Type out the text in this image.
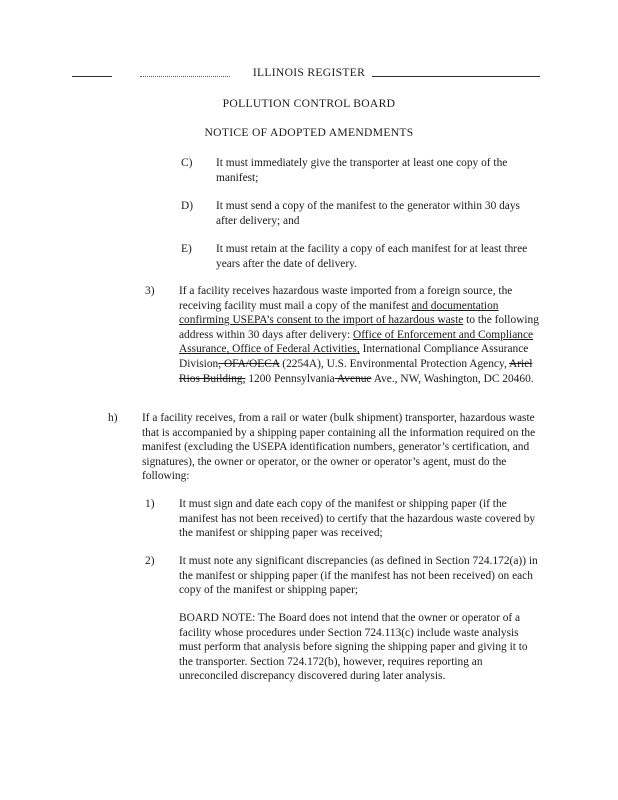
ILLINOIS REGISTER
POLLUTION CONTROL BOARD
NOTICE OF ADOPTED AMENDMENTS
C) It must immediately give the transporter at least one copy of the manifest;
D) It must send a copy of the manifest to the generator within 30 days after delivery; and
E) It must retain at the facility a copy of each manifest for at least three years after the date of delivery.
3) If a facility receives hazardous waste imported from a foreign source, the receiving facility must mail a copy of the manifest and documentation confirming USEPA’s consent to the import of hazardous waste to the following address within 30 days after delivery: Office of Enforcement and Compliance Assurance, Office of Federal Activities, International Compliance Assurance Division, OFA/OECA (2254A), U.S. Environmental Protection Agency, Ariel Rios Building, 1200 Pennsylvania Avenue Ave., NW, Washington, DC 20460.
h) If a facility receives, from a rail or water (bulk shipment) transporter, hazardous waste that is accompanied by a shipping paper containing all the information required on the manifest (excluding the USEPA identification numbers, generator’s certification, and signatures), the owner or operator, or the owner or operator’s agent, must do the following:
1) It must sign and date each copy of the manifest or shipping paper (if the manifest has not been received) to certify that the hazardous waste covered by the manifest or shipping paper was received;
2) It must note any significant discrepancies (as defined in Section 724.172(a)) in the manifest or shipping paper (if the manifest has not been received) on each copy of the manifest or shipping paper;
BOARD NOTE: The Board does not intend that the owner or operator of a facility whose procedures under Section 724.113(c) include waste analysis must perform that analysis before signing the shipping paper and giving it to the transporter. Section 724.172(b), however, requires reporting an unreconciled discrepancy discovered during later analysis.
